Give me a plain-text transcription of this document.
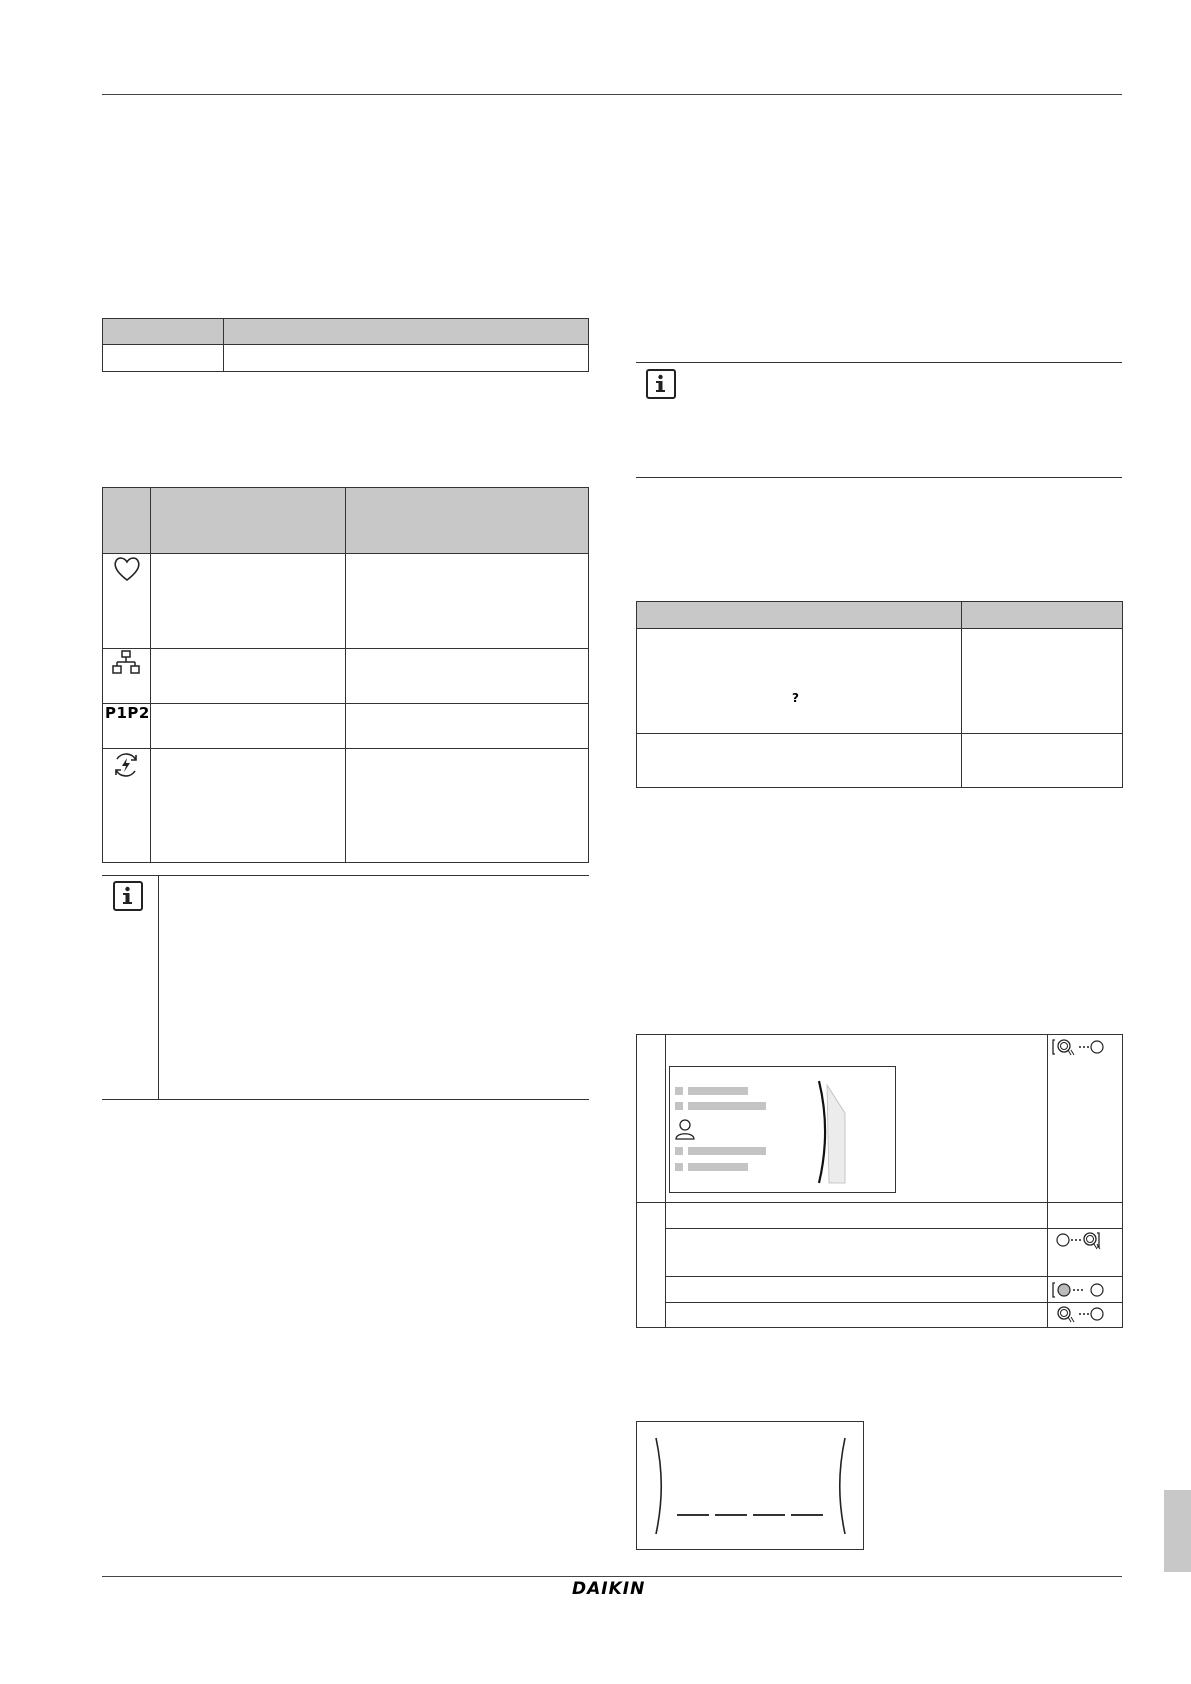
P1P2
?
DAIKIN
